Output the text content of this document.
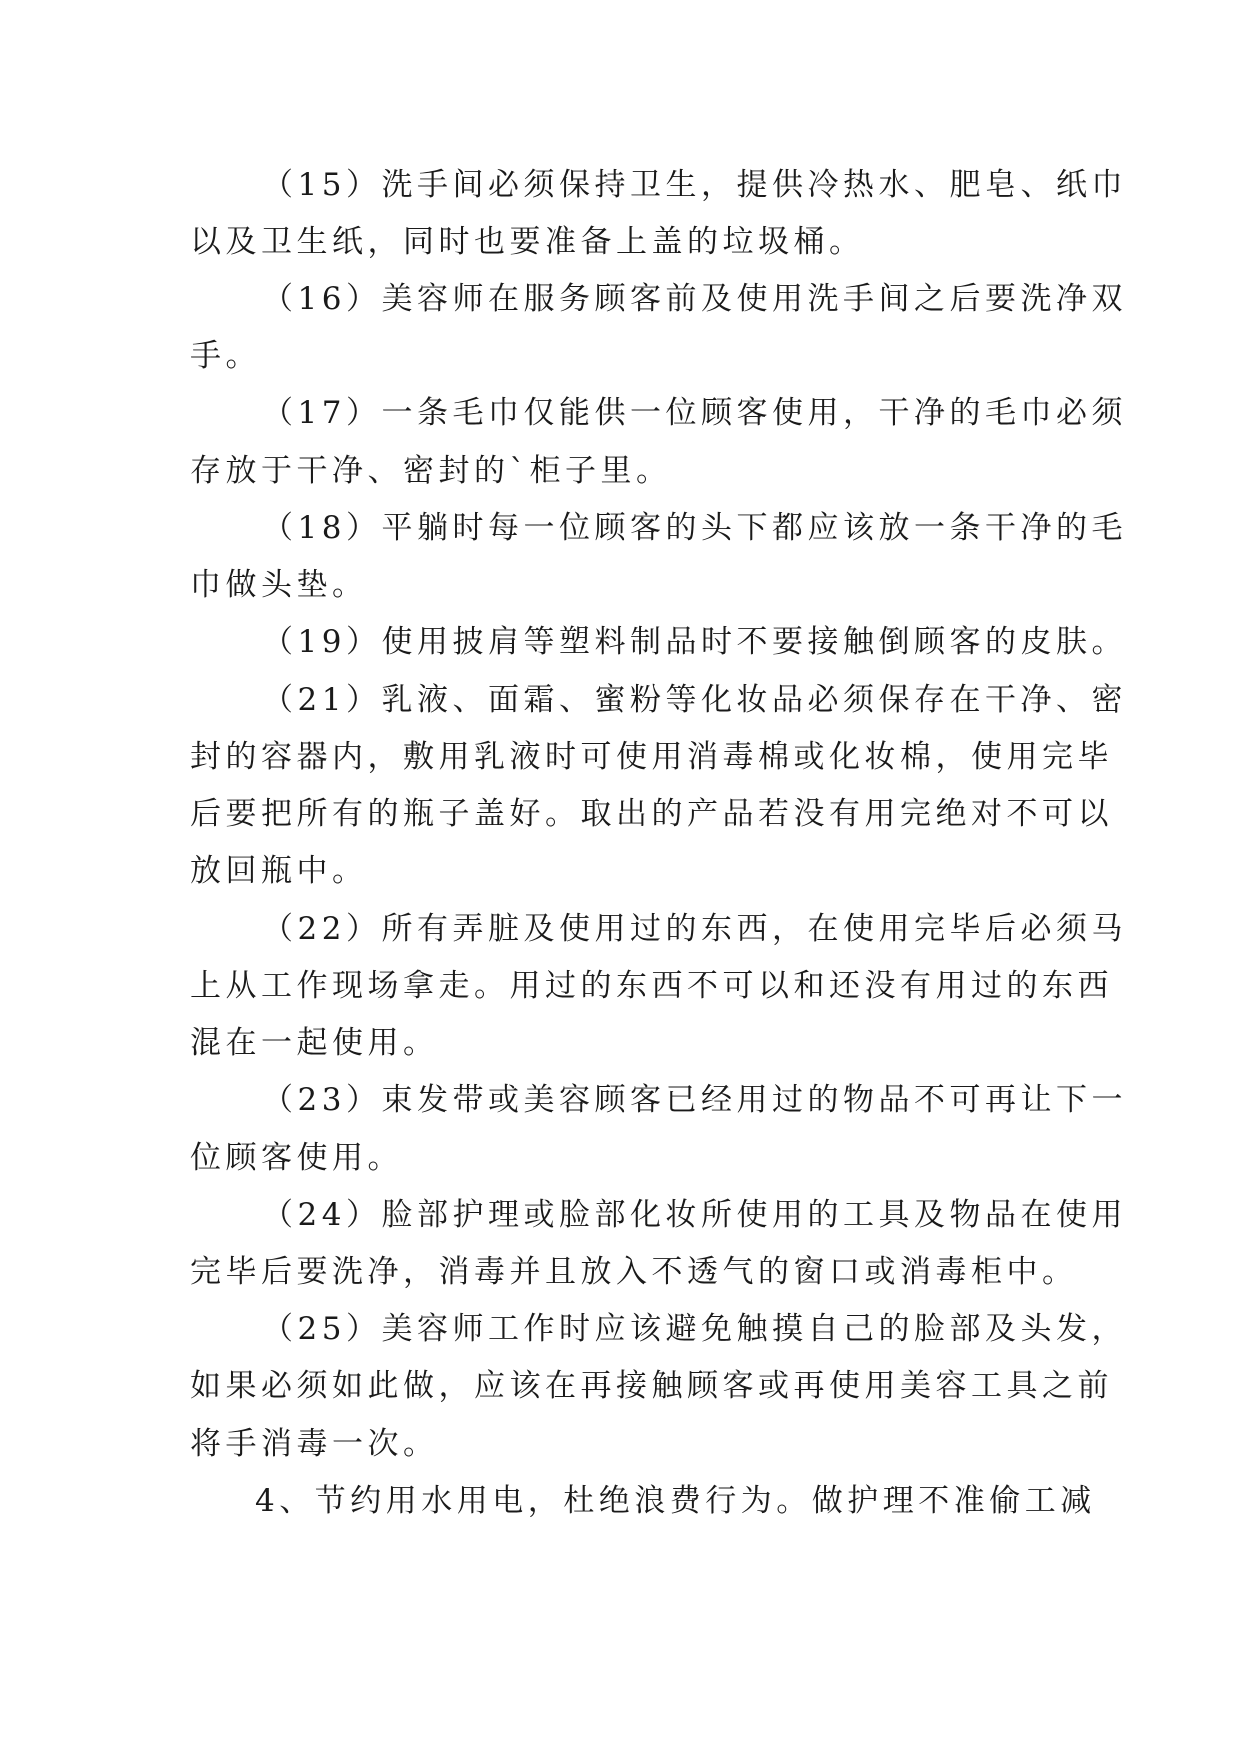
（15）洗手间必须保持卫生，提供冷热水、肥皂、纸巾

以及卫生纸，同时也要准备上盖的垃圾桶。

（16）美容师在服务顾客前及使用洗手间之后要洗净双

手。

（17）一条毛巾仅能供一位顾客使用，干净的毛巾必须

存放于干净、密封的`柜子里。

（18）平躺时每一位顾客的头下都应该放一条干净的毛

巾做头垫。

（19）使用披肩等塑料制品时不要接触倒顾客的皮肤。

（21）乳液、面霜、蜜粉等化妆品必须保存在干净、密

封的容器内，敷用乳液时可使用消毒棉或化妆棉，使用完毕

后要把所有的瓶子盖好。取出的产品若没有用完绝对不可以

放回瓶中。

（22）所有弄脏及使用过的东西，在使用完毕后必须马

上从工作现场拿走。用过的东西不可以和还没有用过的东西

混在一起使用。

（23）束发带或美容顾客已经用过的物品不可再让下一

位顾客使用。

（24）脸部护理或脸部化妆所使用的工具及物品在使用

完毕后要洗净，消毒并且放入不透气的窗口或消毒柜中。

（25）美容师工作时应该避免触摸自己的脸部及头发，

如果必须如此做，应该在再接触顾客或再使用美容工具之前

将手消毒一次。

4、节约用水用电，杜绝浪费行为。做护理不准偷工减
